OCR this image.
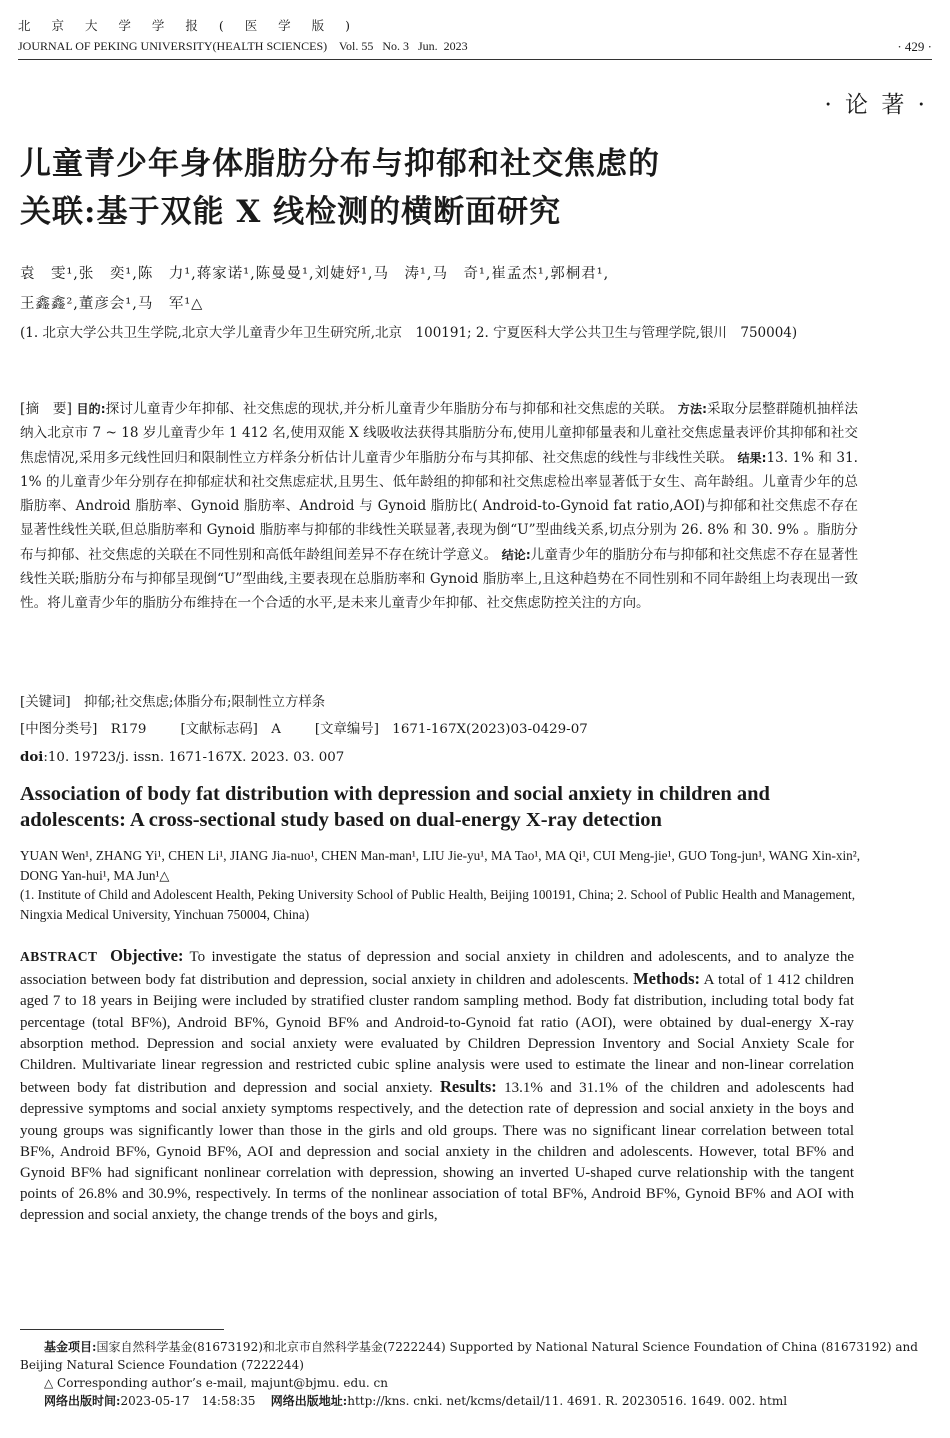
北 京 大 学 学 报 ( 医 学 版 )
JOURNAL OF PEKING UNIVERSITY(HEALTH SCIENCES)    Vol. 55   No. 3   Jun.  2023	· 429 ·
· 论 著 ·
儿童青少年身体脂肪分布与抑郁和社交焦虑的
关联:基于双能 X 线检测的横断面研究
袁　雯¹,张　奕¹,陈　力¹,蒋家诺¹,陈曼曼¹,刘婕妤¹,马　涛¹,马　奇¹,崔孟杰¹,郭桐君¹,
王鑫鑫²,董彦会¹,马　军¹△
(1. 北京大学公共卫生学院,北京大学儿童青少年卫生研究所,北京　100191; 2. 宁夏医科大学公共卫生与管理学院,银川　750004)
[摘　要] 目的:探讨儿童青少年抑郁、社交焦虑的现状,并分析儿童青少年脂肪分布与抑郁和社交焦虑的关联。 方法:采取分层整群随机抽样法纳入北京市 7 ~ 18 岁儿童青少年 1 412 名,使用双能 X 线吸收法获得其脂肪分布,使用儿童抑郁量表和儿童社交焦虑量表评价其抑郁和社交焦虑情况,采用多元线性回归和限制性立方样条分析估计儿童青少年脂肪分布与其抑郁、社交焦虑的线性与非线性关联。 结果:13. 1% 和 31. 1% 的儿童青少年分别存在抑郁症状和社交焦虑症状,且男生、低年龄组的抑郁和社交焦虑检出率显著低于女生、高年龄组。儿童青少年的总脂肪率、Android 脂肪率、Gynoid 脂肪率、Android 与 Gynoid 脂肪比( Android-to-Gynoid fat ratio,AOI)与抑郁和社交焦虑不存在显著性线性关联,但总脂肪率和 Gynoid 脂肪率与抑郁的非线性关联显著,表现为倒“U”型曲线关系,切点分别为 26. 8% 和 30. 9% 。脂肪分布与抑郁、社交焦虑的关联在不同性别和高低年龄组间差异不存在统计学意义。 结论:儿童青少年的脂肪分布与抑郁和社交焦虑不存在显著性线性关联;脂肪分布与抑郁呈现倒“U”型曲线,主要表现在总脂肪率和 Gynoid 脂肪率上,且这种趋势在不同性别和不同年龄组上均表现出一致性。将儿童青少年的脂肪分布维持在一个合适的水平,是未来儿童青少年抑郁、社交焦虑防控关注的方向。
[关键词]　抑郁;社交焦虑;体脂分布;限制性立方样条
[中图分类号]　R179	[文献标志码]　A	[文章编号]　1671-167X(2023)03-0429-07
doi:10. 19723/j. issn. 1671-167X. 2023. 03. 007
Association of body fat distribution with depression and social anxiety in children and
adolescents: A cross-sectional study based on dual-energy X-ray detection
YUAN Wen¹, ZHANG Yi¹, CHEN Li¹, JIANG Jia-nuo¹, CHEN Man-man¹, LIU Jie-yu¹, MA Tao¹, MA Qi¹, CUI Meng-jie¹, GUO Tong-jun¹, WANG Xin-xin², DONG Yan-hui¹, MA Jun¹△
(1. Institute of Child and Adolescent Health, Peking University School of Public Health, Beijing 100191, China; 2. School of Public Health and Management, Ningxia Medical University, Yinchuan 750004, China)
ABSTRACT Objective: To investigate the status of depression and social anxiety in children and adolescents, and to analyze the association between body fat distribution and depression, social anxiety in children and adolescents. Methods: A total of 1 412 children aged 7 to 18 years in Beijing were included by stratified cluster random sampling method. Body fat distribution, including total body fat percentage (total BF%), Android BF%, Gynoid BF% and Android-to-Gynoid fat ratio (AOI), were obtained by dual-energy X-ray absorption method. Depression and social anxiety were evaluated by Children Depression Inventory and Social Anxiety Scale for Children. Multivariate linear regression and restricted cubic spline analysis were used to estimate the linear and non-linear correlation between body fat distribution and depression and social anxiety. Results: 13.1% and 31.1% of the children and adolescents had depressive symptoms and social anxiety symptoms respectively, and the detection rate of depression and social anxiety in the boys and young groups was significantly lower than those in the girls and old groups. There was no significant linear correlation between total BF%, Android BF%, Gynoid BF%, AOI and depression and social anxiety in the children and adolescents. However, total BF% and Gynoid BF% had significant nonlinear correlation with depression, showing an inverted U-shaped curve relationship with the tangent points of 26.8% and 30.9%, respectively. In terms of the nonlinear association of total BF%, Android BF%, Gynoid BF% and AOI with depression and social anxiety, the change trends of the boys and girls,
基金项目:国家自然科学基金(81673192)和北京市自然科学基金(7222244) Supported by National Natural Science Foundation of China (81673192) and Beijing Natural Science Foundation (7222244)
△ Corresponding author’s e-mail, majunt@bjmu. edu. cn
网络出版时间:2023-05-17　14:58:35 网络出版地址:http://kns. cnki. net/kcms/detail/11. 4691. R. 20230516. 1649. 002. html
